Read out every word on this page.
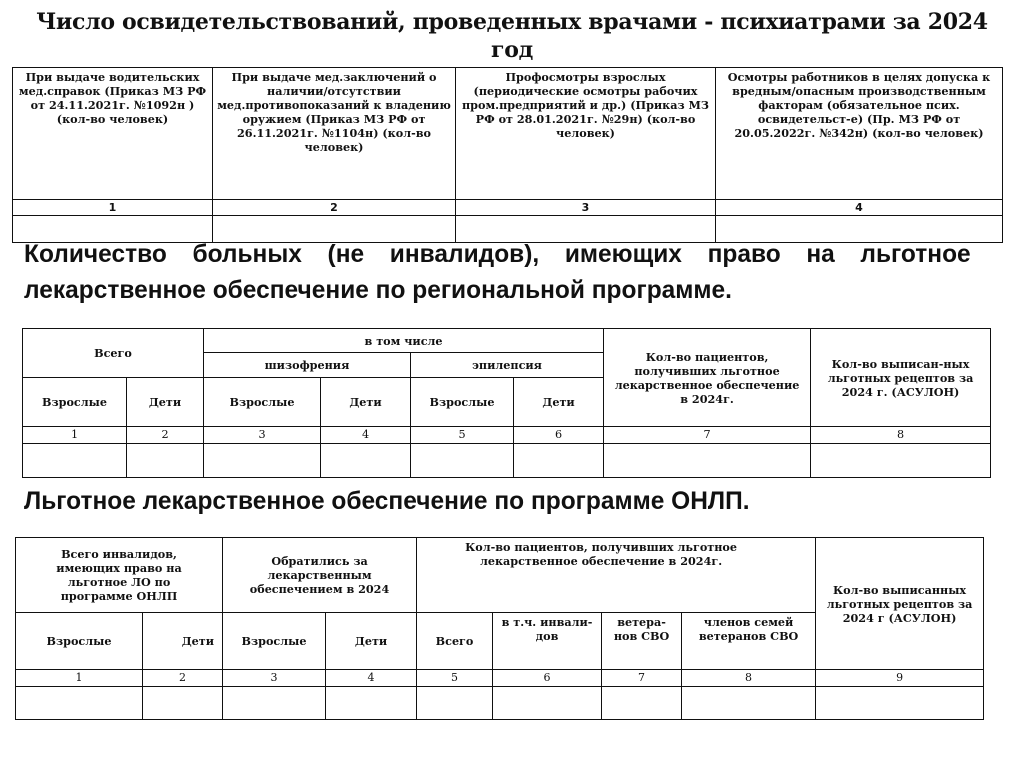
Число освидетельствований, проведенных врачами - психиатрами за 2024
год
При выдаче водительских мед.справок (Приказ МЗ РФ от 24.11.2021г. №1092н ) (кол-во человек)	При выдаче мед.заключений о наличии/отсутствии мед.противопоказаний к владению оружием (Приказ МЗ РФ от 26.11.2021г. №1104н) (кол-во человек)	Профосмотры взрослых (периодические осмотры рабочих пром.предприятий и др.) (Приказ МЗ РФ от 28.01.2021г. №29н) (кол-во человек)	Осмотры работников в целях допуска к вредным/опасным производственным факторам (обязательное псих. освидетельст-е) (Пр. МЗ РФ от 20.05.2022г. №342н) (кол-во человек)
1	2	3	4

Количество больных (не инвалидов), имеющих право на льготное лекарственное обеспечение по региональной программе.
Всего		в том числе				Кол-во пациентов, получивших льготное лекарственное обеспечение в 2024г.	Кол-во выписан-ных льготных рецептов за 2024 г. (АСУЛОН)
		шизофрения		эпилепсия			
Взрослые	Дети	Взрослые	Дети	Взрослые	Дети		
1	2	3	4	5	6	7	8

Льготное лекарственное обеспечение по программе ОНЛП.
Всего инвалидов, имеющих право на льготное ЛО по программе ОНЛП		Обратились за лекарственным обеспечением в 2024		Кол-во пациентов, получивших льготное лекарственное обеспечение в 2024г.				Кол-во выписанных льготных рецептов за 2024 г (АСУЛОН)
Взрослые	Дети	Взрослые	Дети	Всего	в т.ч. инвали- дов	ветера- нов СВО	членов семей ветеранов СВО	
1	2	3	4	5	6	7	8	9
